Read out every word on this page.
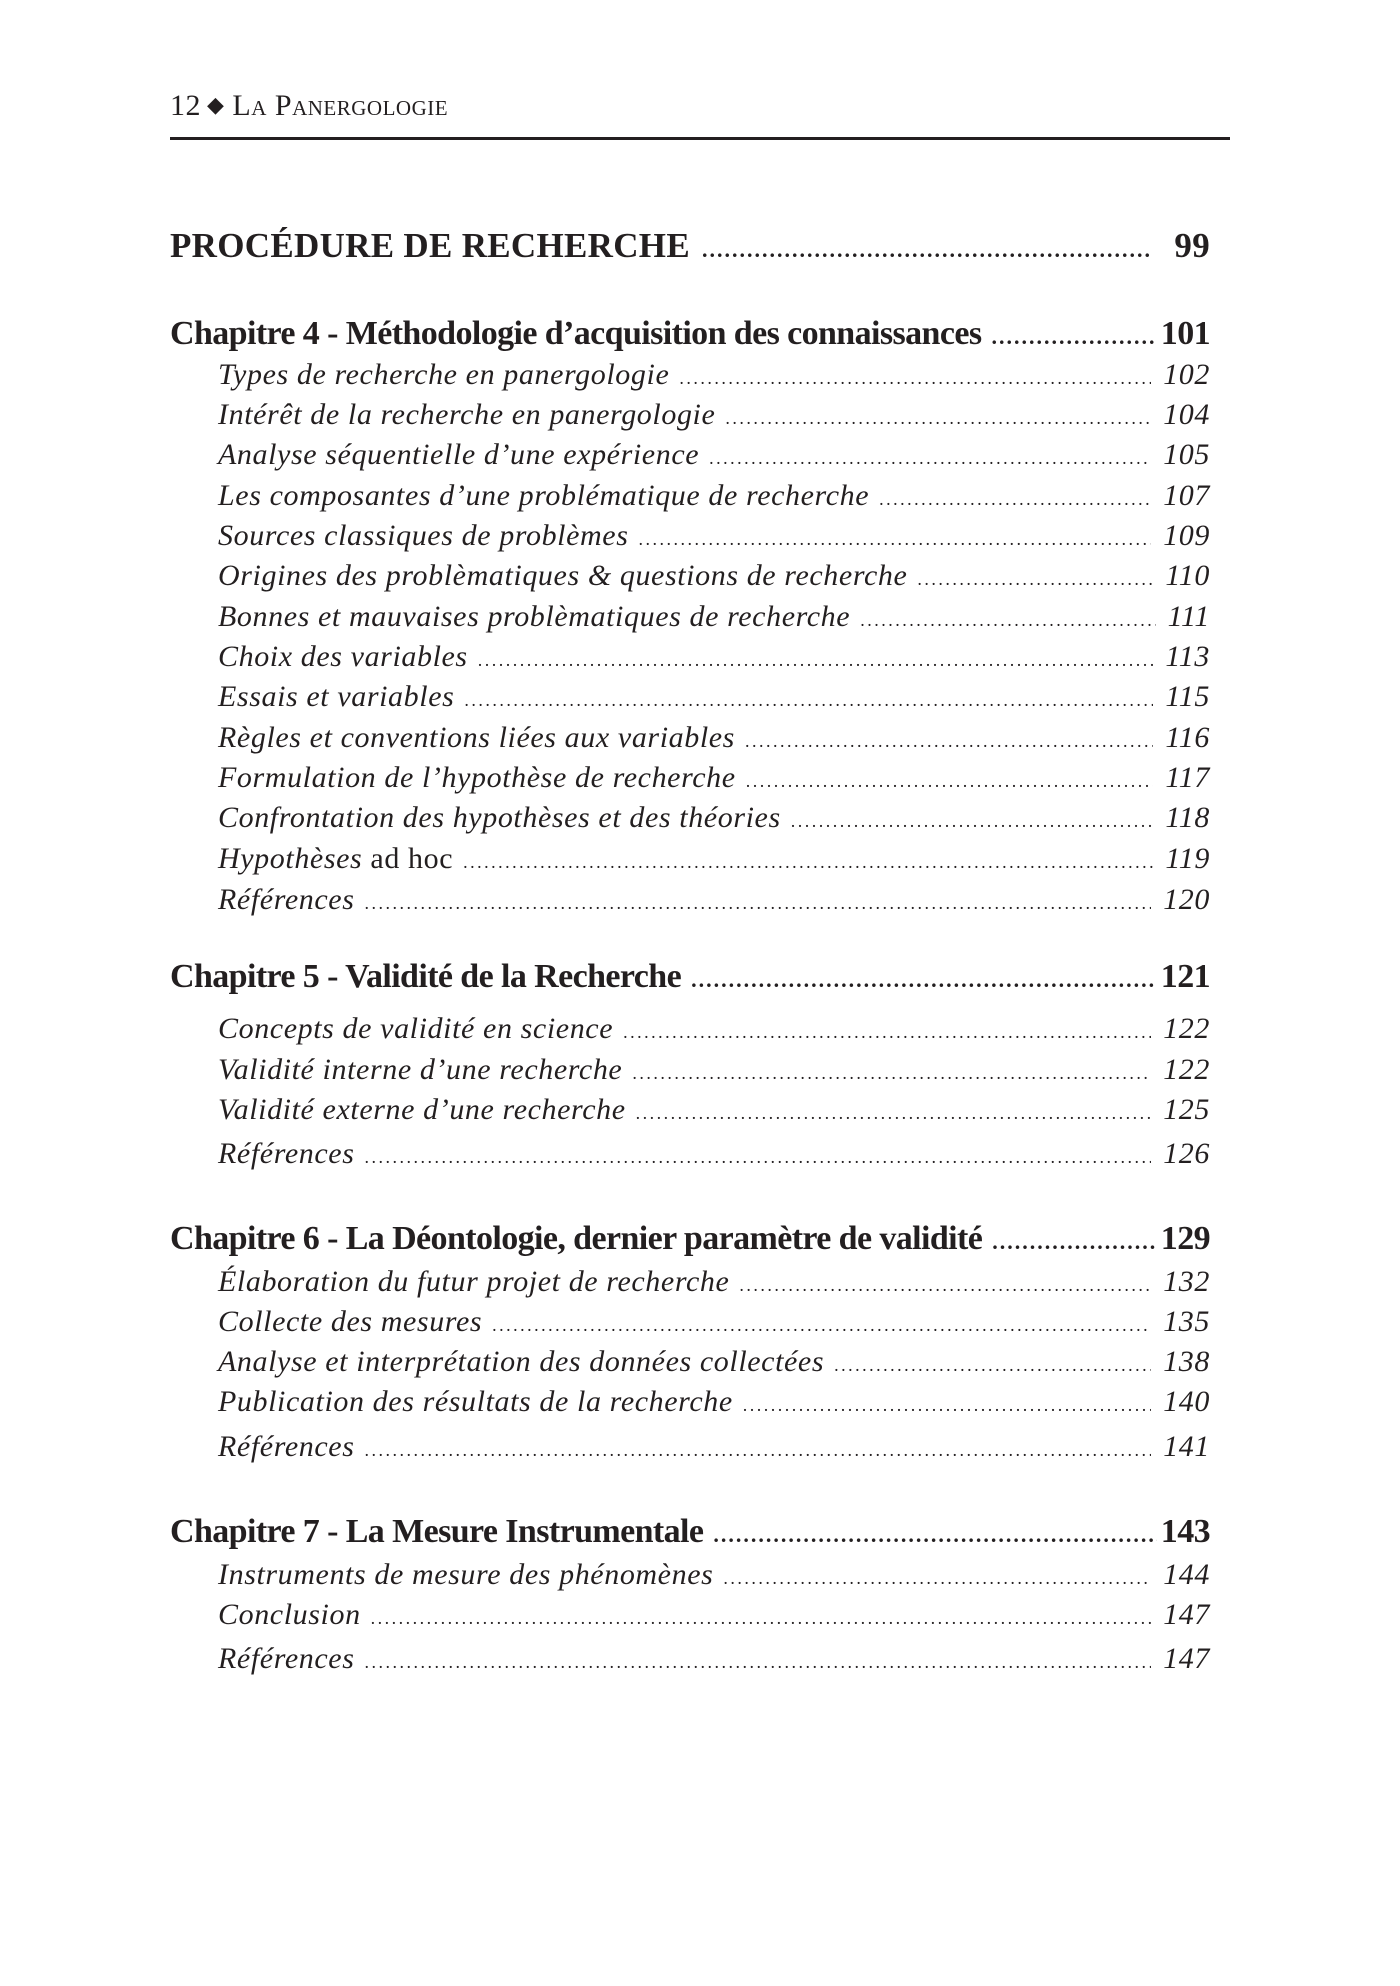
12 ◆ La Panergologie
PROCÉDURE DE RECHERCHE .....	99
Chapitre 4 - Méthodologie d’acquisition des connaissances .....	101
Types de recherche en panergologie .....	102
Intérêt de la recherche en panergologie .....	104
Analyse séquentielle d’une expérience .....	105
Les composantes d’une problématique de recherche .....	107
Sources classiques de problèmes .....	109
Origines des problèmatiques & questions de recherche .....	110
Bonnes et mauvaises problèmatiques de recherche .....	111
Choix des variables .....	113
Essais et variables .....	115
Règles et conventions liées aux variables .....	116
Formulation de l’hypothèse de recherche .....	117
Confrontation des hypothèses et des théories .....	118
Hypothèses ad hoc .....	119
Références .....	120
Chapitre 5 - Validité de la Recherche .....	121
Concepts de validité en science .....	122
Validité interne d’une recherche .....	122
Validité externe d’une recherche .....	125
Références .....	126
Chapitre 6 - La Déontologie, dernier paramètre de validité .....	129
Élaboration du futur projet de recherche .....	132
Collecte des mesures .....	135
Analyse et interprétation des données collectées .....	138
Publication des résultats de la recherche .....	140
Références .....	141
Chapitre 7 - La Mesure Instrumentale .....	143
Instruments de mesure des phénomènes .....	144
Conclusion .....	147
Références .....	147
